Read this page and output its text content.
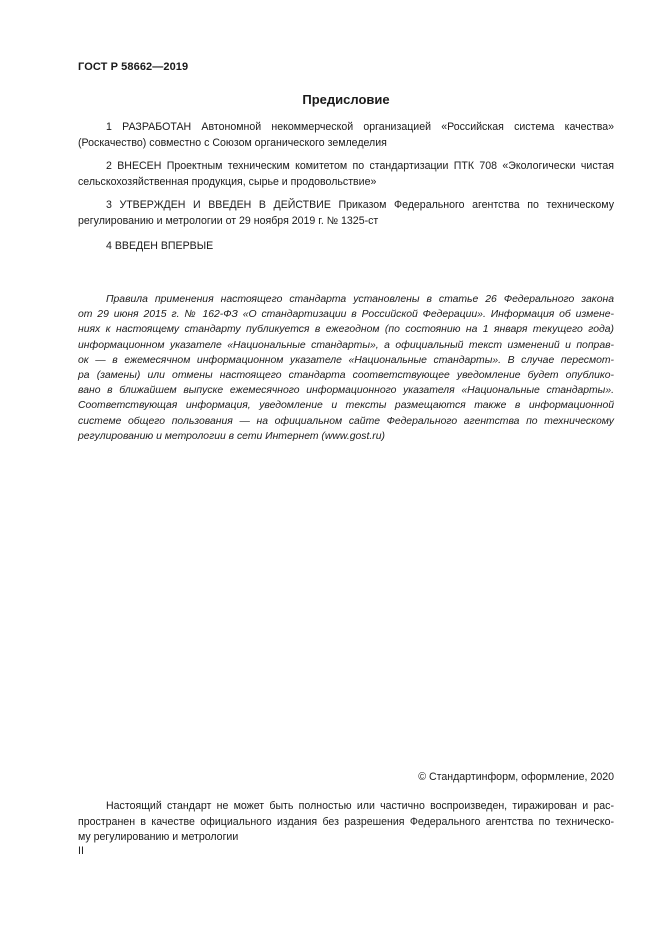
ГОСТ Р 58662—2019
Предисловие
1 РАЗРАБОТАН Автономной некоммерческой организацией «Российская система качества»
(Роскачество) совместно с Союзом органического земледелия
2 ВНЕСЕН Проектным техническим комитетом по стандартизации ПТК 708 «Экологически чистая
сельскохозяйственная продукция, сырье и продовольствие»
3 УТВЕРЖДЕН И ВВЕДЕН В ДЕЙСТВИЕ Приказом Федерального агентства по техническому
регулированию и метрологии от 29 ноября 2019 г. № 1325-ст
4 ВВЕДЕН ВПЕРВЫЕ
Правила применения настоящего стандарта установлены в статье 26 Федерального закона
от 29 июня 2015 г. № 162-ФЗ «О стандартизации в Российской Федерации». Информация об измене-
ниях к настоящему стандарту публикуется в ежегодном (по состоянию на 1 января текущего года)
информационном указателе «Национальные стандарты», а официальный текст изменений и поправ-
ок — в ежемесячном информационном указателе «Национальные стандарты». В случае пересмот-
ра (замены) или отмены настоящего стандарта соответствующее уведомление будет опублико-
вано в ближайшем выпуске ежемесячного информационного указателя «Национальные стандарты».
Соответствующая информация, уведомление и тексты размещаются также в информационной
системе общего пользования — на официальном сайте Федерального агентства по техническому
регулированию и метрологии в сети Интернет (www.gost.ru)
© Стандартинформ, оформление, 2020
Настоящий стандарт не может быть полностью или частично воспроизведен, тиражирован и рас-
пространен в качестве официального издания без разрешения Федерального агентства по техническо-
му регулированию и метрологии
II
